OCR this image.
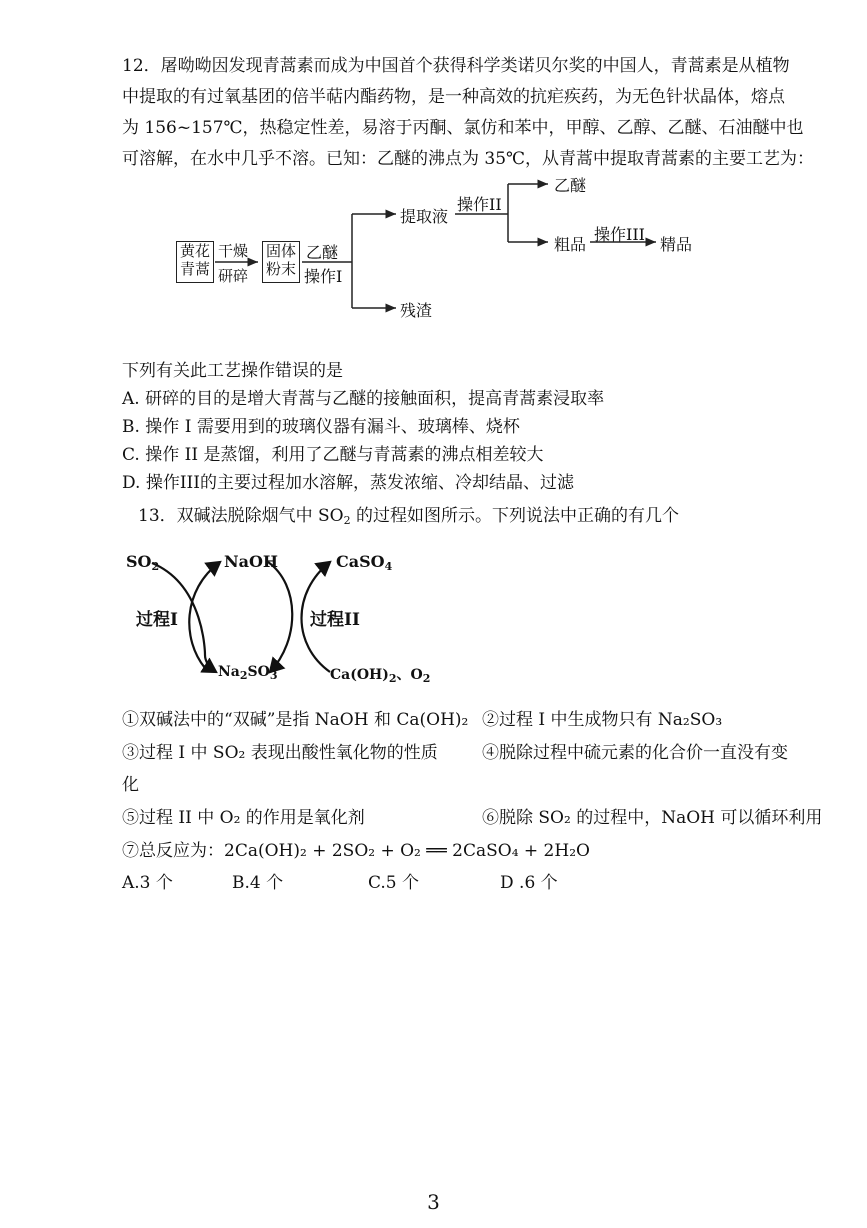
12．屠呦呦因发现青蒿素而成为中国首个获得科学类诺贝尔奖的中国人，青蒿素是从植物
中提取的有过氧基团的倍半萜内酯药物，是一种高效的抗疟疾药，为无色针状晶体，熔点
为 156~157℃，热稳定性差，易溶于丙酮、氯仿和苯中，甲醇、乙醇、乙醚、石油醚中也
可溶解，在水中几乎不溶。已知：乙醚的沸点为 35℃，从青蒿中提取青蒿素的主要工艺为：
黄花
青蒿
干燥
研碎
固体
粉末
乙醚
操作I
提取液
残渣
操作II
乙醚
粗品
操作III
精品
下列有关此工艺操作错误的是
A. 研碎的目的是增大青蒿与乙醚的接触面积，提高青蒿素浸取率
B. 操作 I 需要用到的玻璃仪器有漏斗、玻璃棒、烧杯
C. 操作 II 是蒸馏，利用了乙醚与青蒿素的沸点相差较大
D. 操作III的主要过程加水溶解，蒸发浓缩、冷却结晶、过滤
13．双碱法脱除烟气中 $SO_2$ 的过程如图所示。下列说法中正确的有几个
$SO_2$	NaOH	CaSO$_4$
过程I	过程II
$Na_2SO_3$	$Ca(OH)_2$、$O_2$
①双碱法中的“双碱”是指 NaOH 和 Ca(OH)₂ ②过程 I 中生成物只有 Na₂SO₃
③过程 I 中 SO₂ 表现出酸性氧化物的性质	④脱除过程中硫元素的化合价一直没有变
化
⑤过程 II 中 O₂ 的作用是氧化剂	⑥脱除 SO₂ 的过程中，NaOH 可以循环利用
⑦总反应为：2Ca(OH)₂ + 2SO₂ + O₂ ══ 2CaSO₄ + 2H₂O
A.3 个	B.4 个	C.5 个	D .6 个
3
